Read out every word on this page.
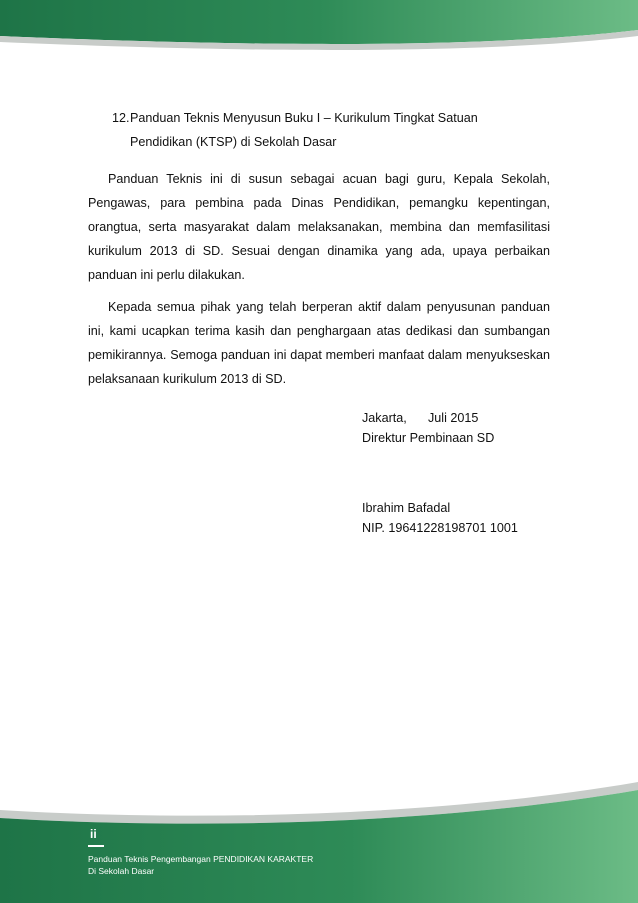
12. Panduan Teknis Menyusun Buku I – Kurikulum Tingkat Satuan
Pendidikan (KTSP) di Sekolah Dasar

Panduan Teknis ini di susun sebagai acuan bagi guru, Kepala Sekolah, Pengawas, para pembina pada Dinas Pendidikan, pemangku kepentingan, orangtua, serta masyarakat dalam melaksanakan, membina dan memfasilitasi kurikulum 2013 di SD. Sesuai dengan dinamika yang ada, upaya perbaikan panduan ini perlu dilakukan.

Kepada semua pihak yang telah berperan aktif dalam penyusunan panduan ini, kami ucapkan terima kasih dan penghargaan atas dedikasi dan sumbangan pemikirannya. Semoga panduan ini dapat memberi manfaat dalam menyukseskan pelaksanaan kurikulum 2013 di SD.

Jakarta, Juli 2015
Direktur Pembinaan SD
Ibrahim Bafadal
NIP. 19641228198701 1001
ii
Panduan Teknis Pengembangan PENDIDIKAN KARAKTER
Di Sekolah Dasar
